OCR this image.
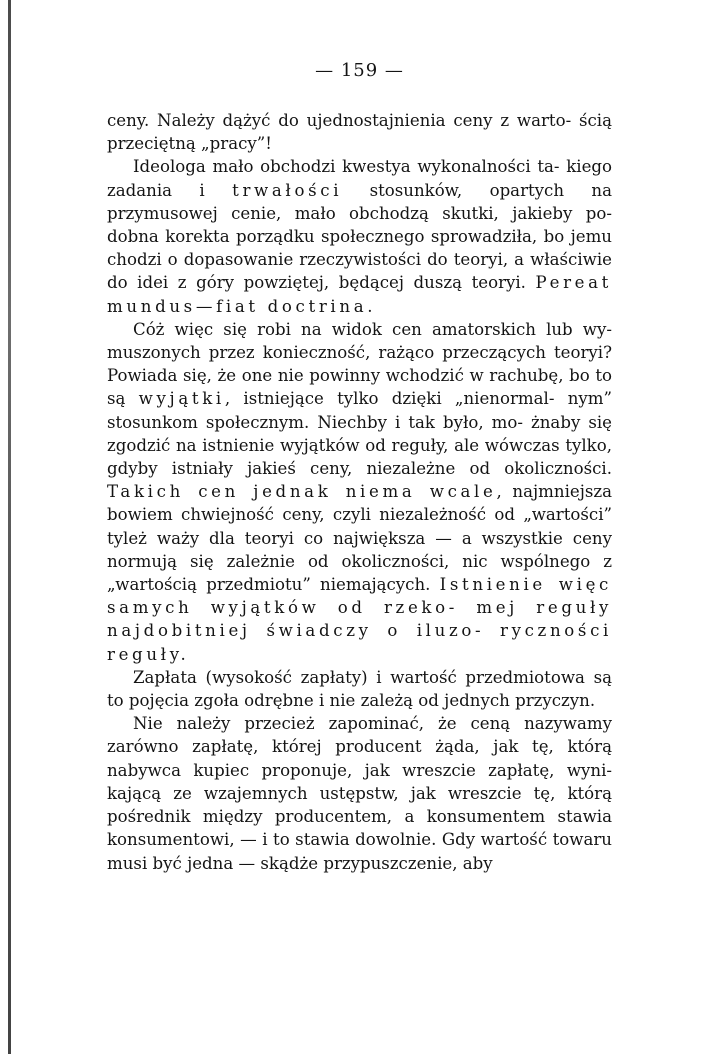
— 159 —

ceny. Należy dążyć do ujednostajnienia ceny z warto- ścią przeciętną „pracy”!

Ideologa mało obchodzi kwestya wykonalności ta- kiego zadania i trwałości stosunków, opartych na przymusowej cenie, mało obchodzą skutki, jakieby po- dobna korekta porządku społecznego sprowadziła, bo jemu chodzi o dopasowanie rzeczywistości do teoryi, a właściwie do idei z góry powziętej, będącej duszą teoryi. Pereat mundus—fiat doctrina.

Cóż więc się robi na widok cen amatorskich lub wy- muszonych przez konieczność, rażąco przeczących teoryi? Powiada się, że one nie powinny wchodzić w rachubę, bo to są wyjątki, istniejące tylko dzięki „nienormal- nym” stosunkom społecznym. Niechby i tak było, mo- żnaby się zgodzić na istnienie wyjątków od reguły, ale wówczas tylko, gdyby istniały jakieś ceny, niezależne od okoliczności. Takich cen jednak niema wcale, najmniejsza bowiem chwiejność ceny, czyli niezależność od „wartości” tyleż waży dla teoryi co największa — a wszystkie ceny normują się zależnie od okoliczności, nic wspólnego z „wartością przedmiotu” niemających. Istnienie więc samych wyjątków od rzeko- mej reguły najdobitniej świadczy o iluzo- ryczności reguły.

Zapłata (wysokość zapłaty) i wartość przedmiotowa są to pojęcia zgoła odrębne i nie zależą od jednych przyczyn.

Nie należy przecież zapominać, że ceną nazywamy zarówno zapłatę, której producent żąda, jak tę, którą nabywca kupiec proponuje, jak wreszcie zapłatę, wyni- kającą ze wzajemnych ustępstw, jak wreszcie tę, którą pośrednik między producentem, a konsumentem stawia konsumentowi, — i to stawia dowolnie. Gdy wartość towaru musi być jedna — skądże przypuszczenie, aby
